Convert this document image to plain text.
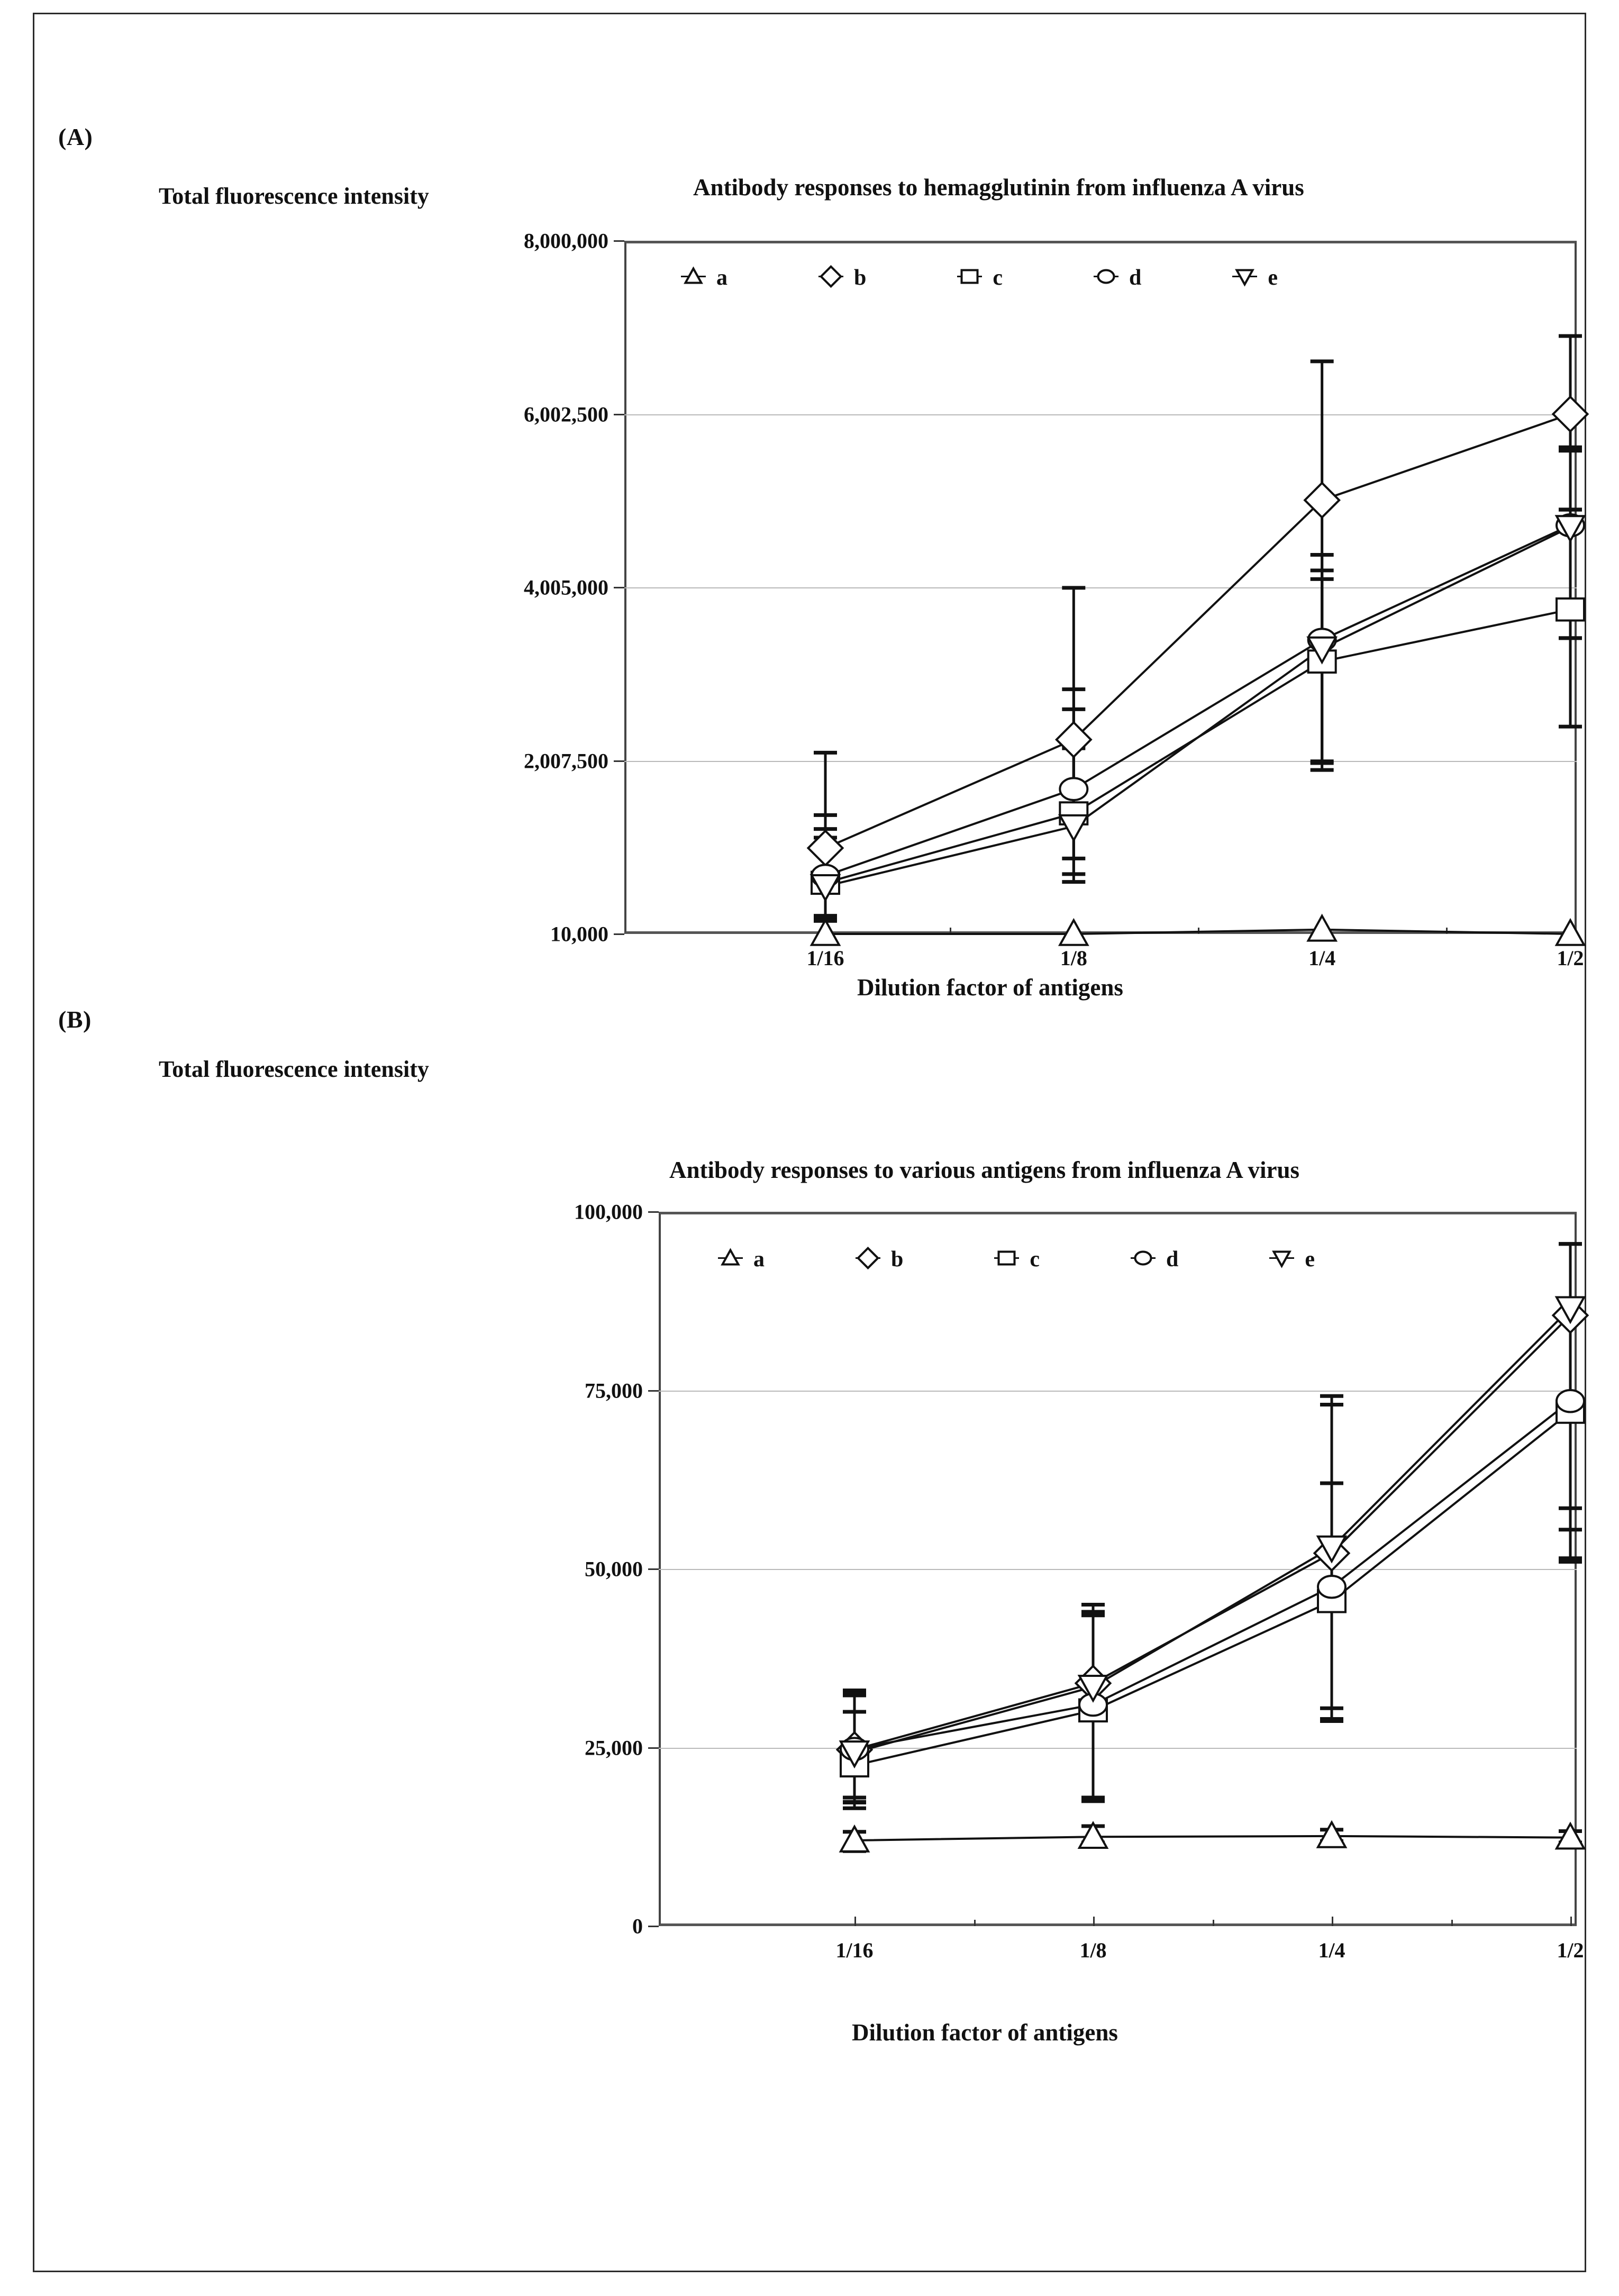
(A)
Total fluorescence intensity	Antibody responses to hemagglutinin from influenza A virus
10,000
2,007,500
4,005,000
6,002,500
8,000,000
1/16	1/8	1/4	1/2
a	b	c	d	e
Dilution factor of antigens
(B)
Total fluorescence intensity
Antibody responses to various antigens from influenza A virus
0
25,000
50,000
75,000
100,000
1/16	1/8	1/4	1/2
a	b	c	d	e
Dilution factor of antigens
